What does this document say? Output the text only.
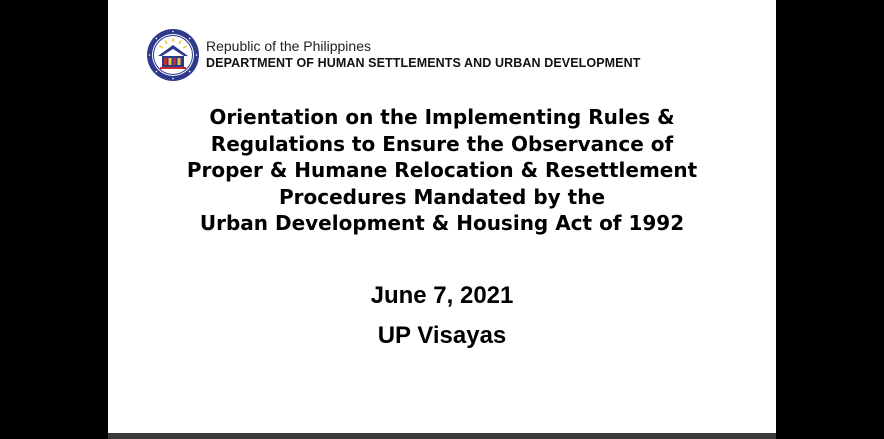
Republic of the Philippines
DEPARTMENT OF HUMAN SETTLEMENTS AND URBAN DEVELOPMENT
Orientation on the Implementing Rules &
Regulations to Ensure the Observance of
Proper & Humane Relocation & Resettlement
Procedures Mandated by the
Urban Development & Housing Act of 1992
June 7, 2021
UP Visayas
